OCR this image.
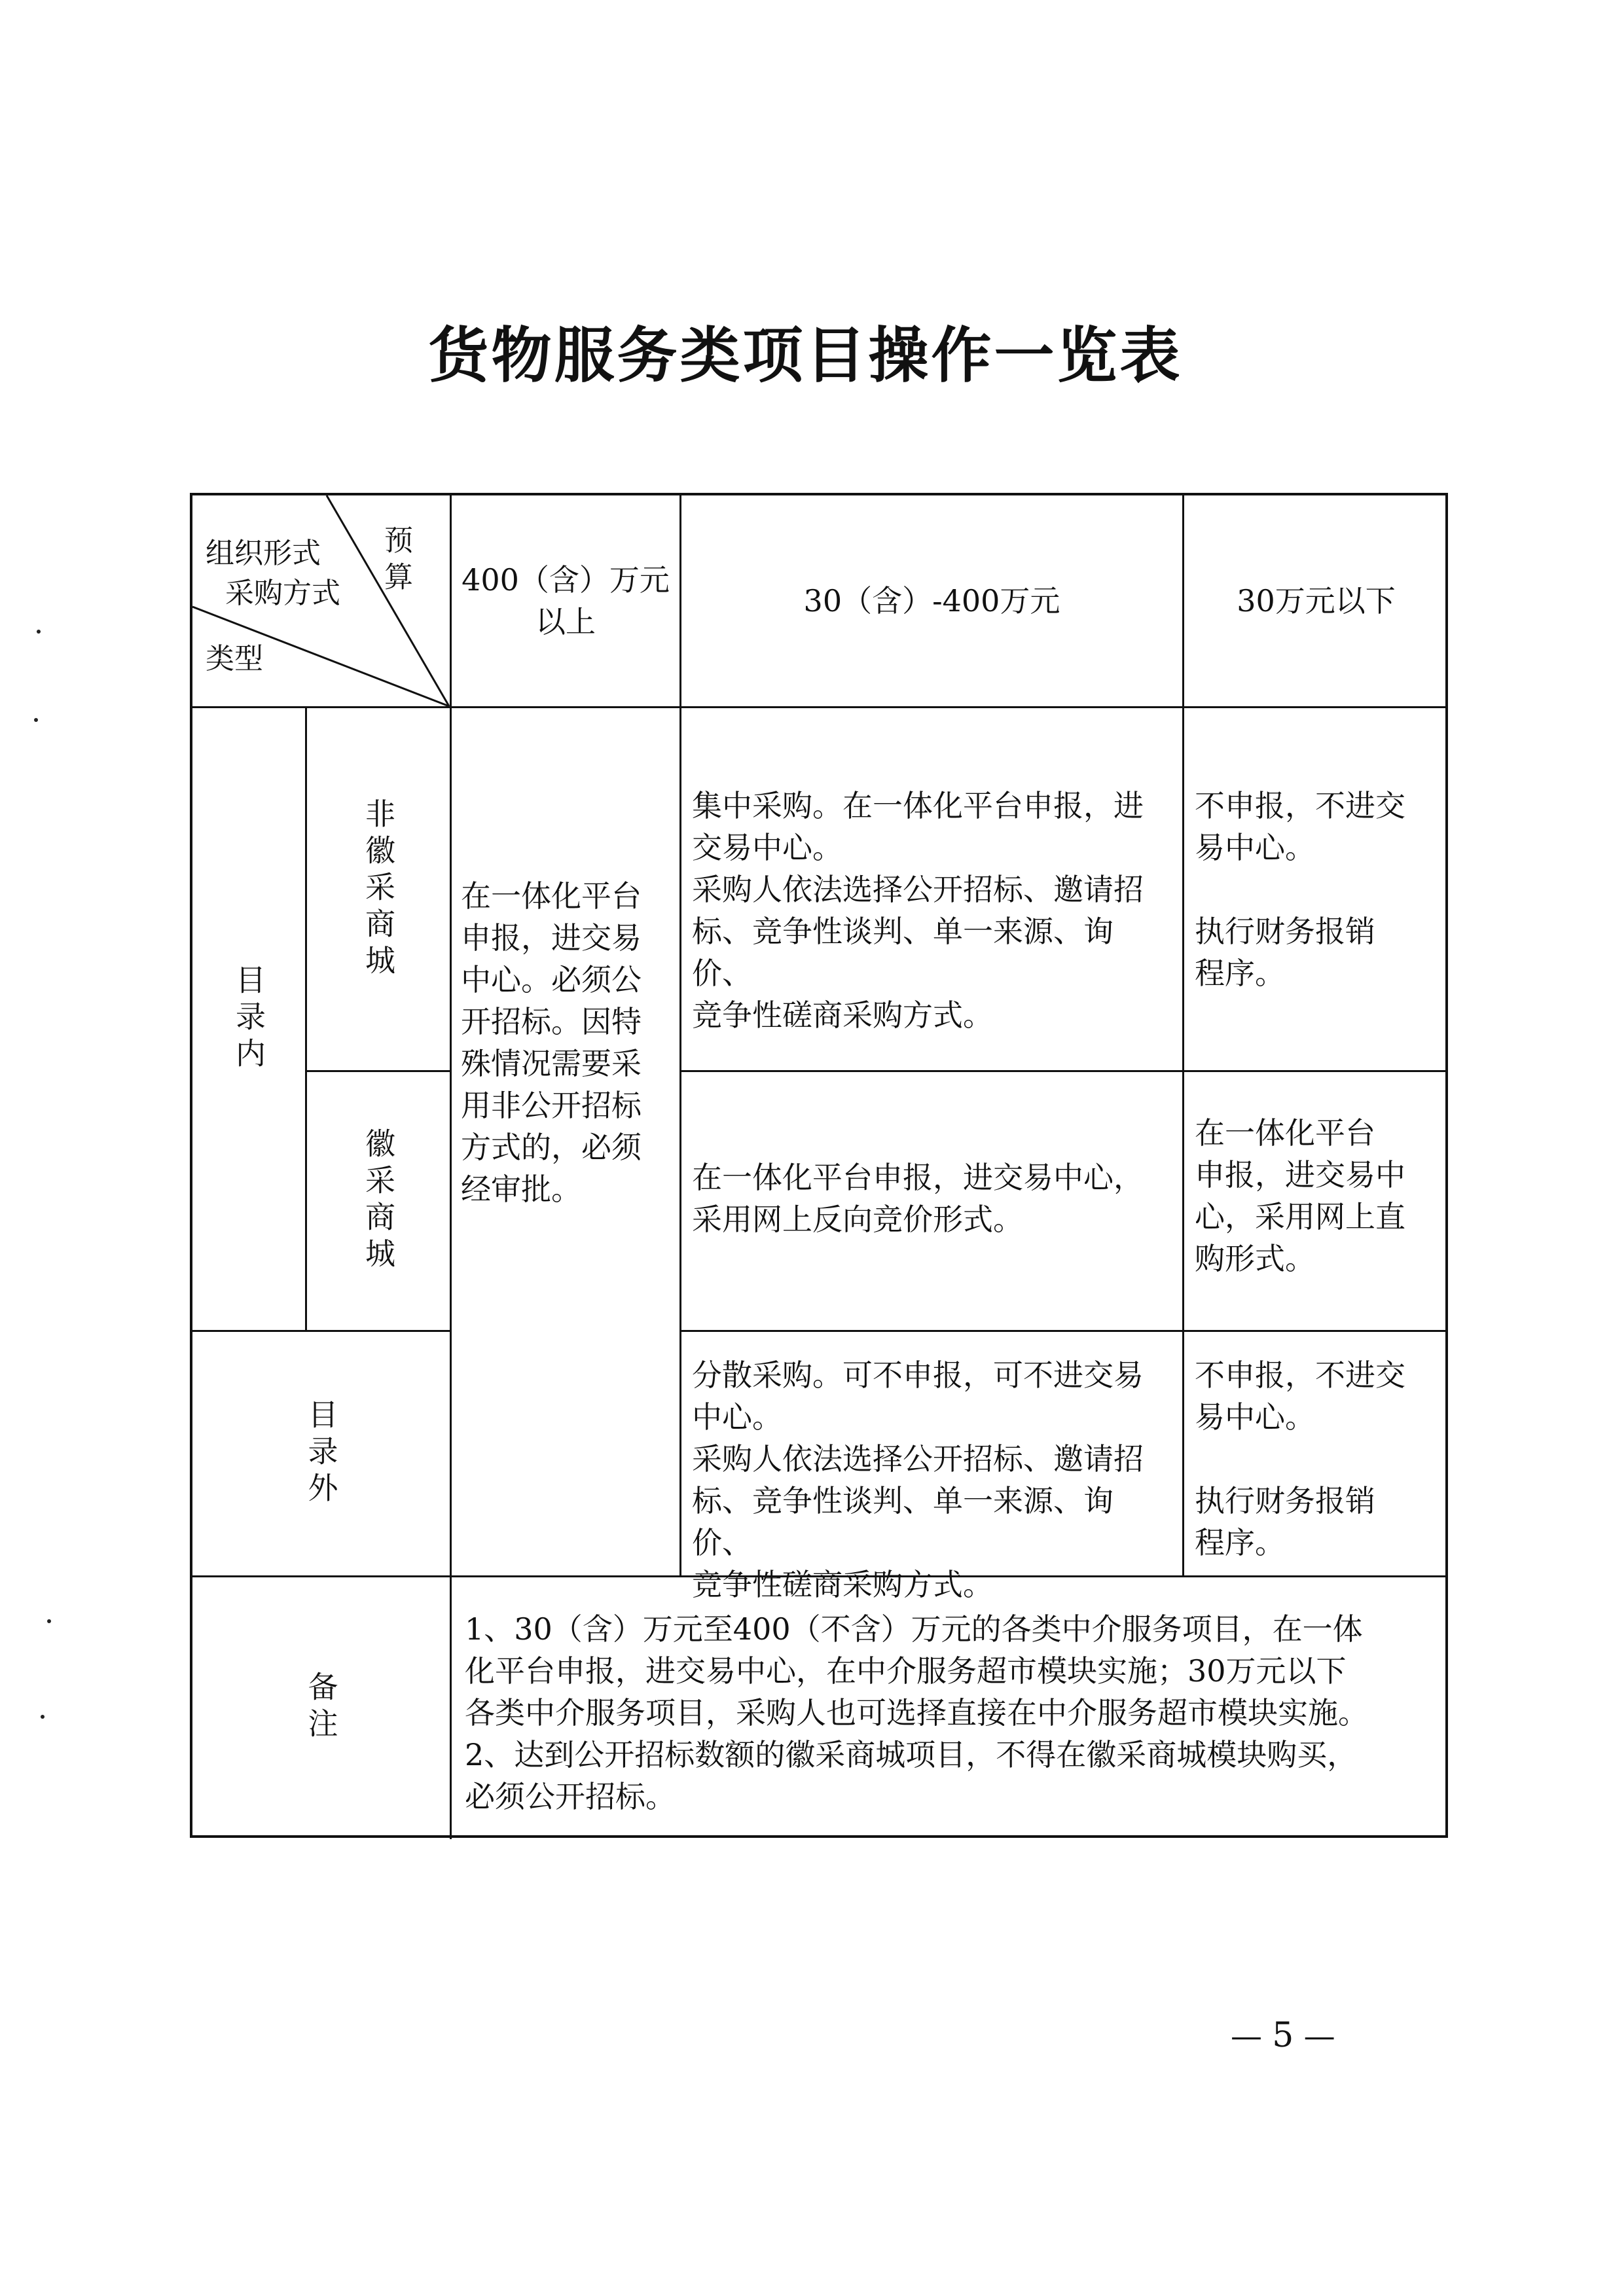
货物服务类项目操作一览表
组织形式
采购方式
类型
预算 400（含）万元
以上
30（含）-400万元	30万元以下
目录内
非徽采商城
徽采商城
目录外
备注
在一体化平台
申报，进交易
中心。必须公
开招标。因特
殊情况需要采
用非公开招标
方式的，必须
经审批。
集中采购。在一体化平台申报，进
交易中心。
采购人依法选择公开招标、邀请招
标、竞争性谈判、单一来源、询价、
竞争性磋商采购方式。
不申报，不进交
易中心。

执行财务报销
程序。
在一体化平台申报，进交易中心，
采用网上反向竞价形式。
在一体化平台
申报，进交易中
心，采用网上直
购形式。
分散采购。可不申报，可不进交易
中心。
采购人依法选择公开招标、邀请招
标、竞争性谈判、单一来源、询价、
竞争性磋商采购方式。
不申报，不进交
易中心。

执行财务报销
程序。
1、30（含）万元至400（不含）万元的各类中介服务项目，在一体
化平台申报，进交易中心，在中介服务超市模块实施；30万元以下
各类中介服务项目，采购人也可选择直接在中介服务超市模块实施。
2、达到公开招标数额的徽采商城项目，不得在徽采商城模块购买，
必须公开招标。
— 5 —
